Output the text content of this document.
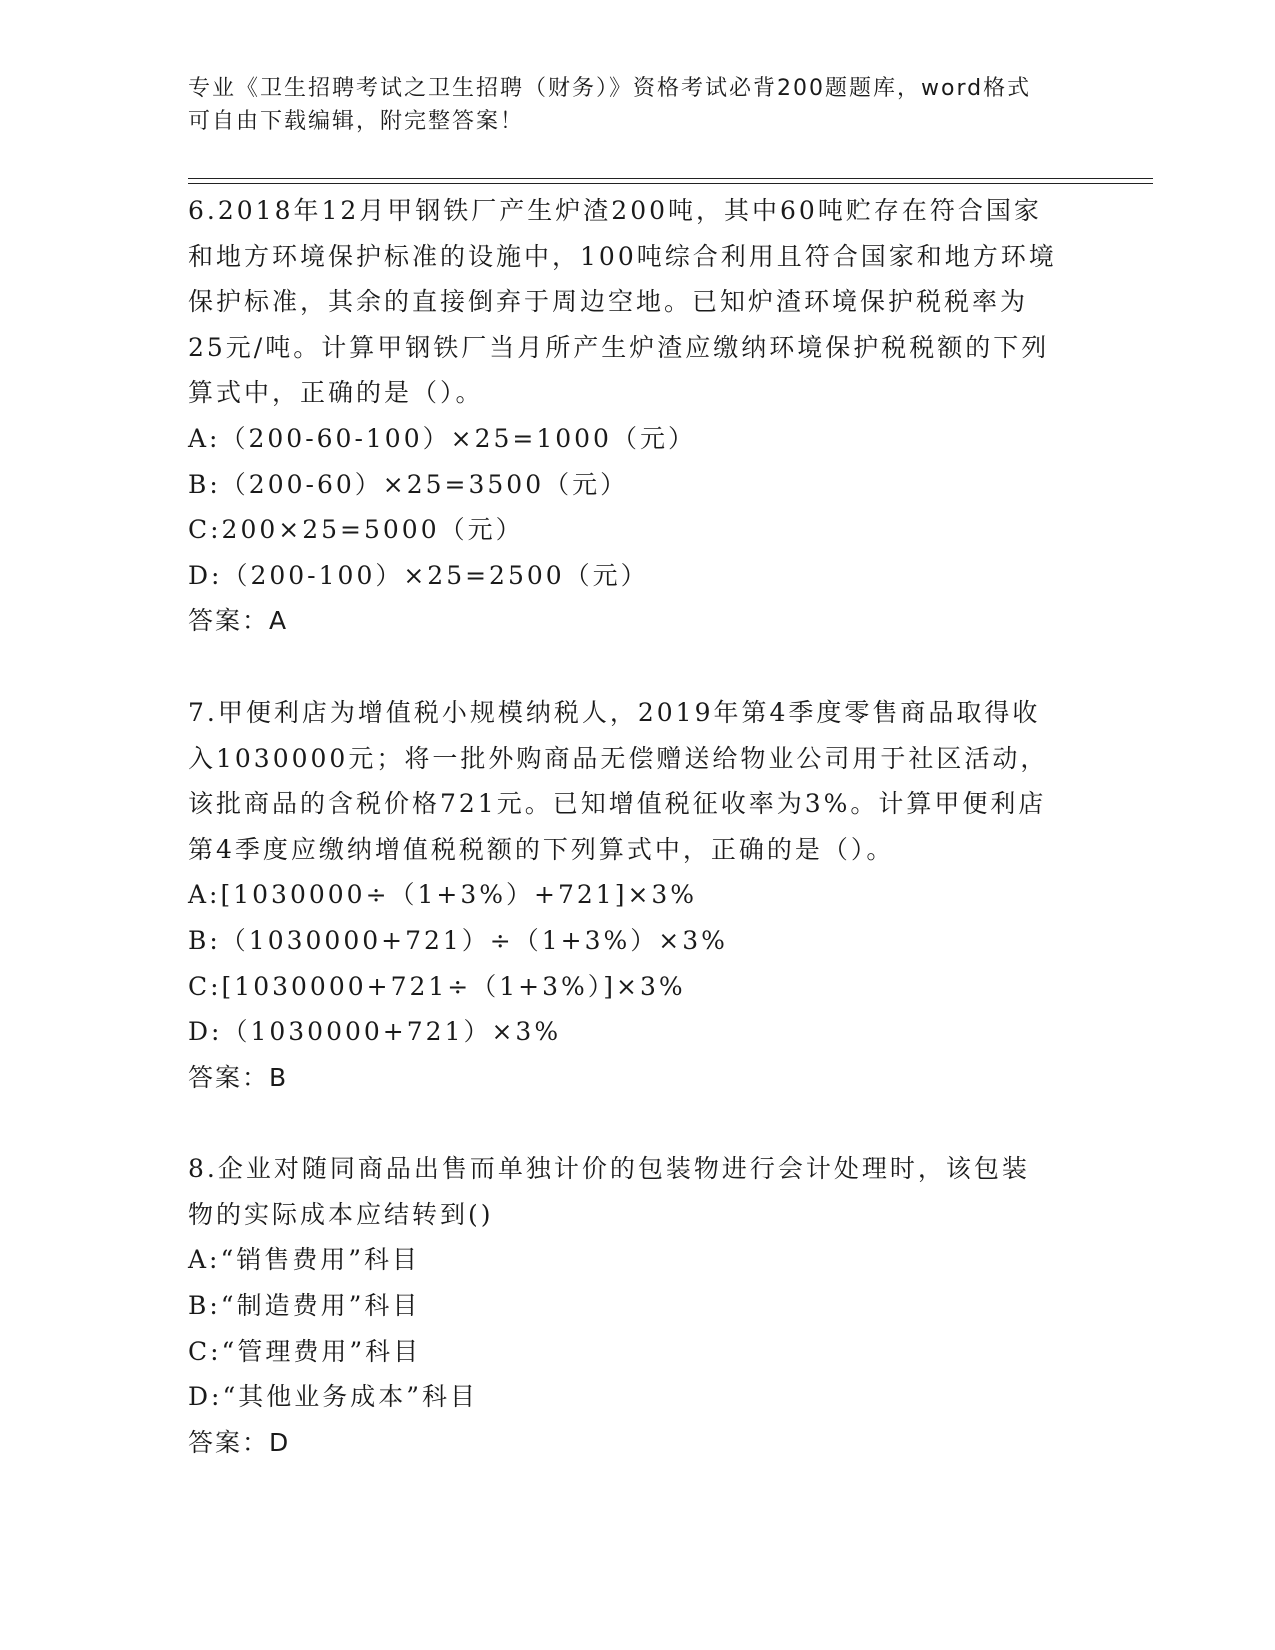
专业《卫生招聘考试之卫生招聘（财务）》资格考试必背200题题库，word格式
可自由下载编辑，附完整答案！
6.2018年12月甲钢铁厂产生炉渣200吨，其中60吨贮存在符合国家
和地方环境保护标准的设施中，100吨综合利用且符合国家和地方环境
保护标准，其余的直接倒弃于周边空地。已知炉渣环境保护税税率为
25元/吨。计算甲钢铁厂当月所产生炉渣应缴纳环境保护税税额的下列
算式中，正确的是（）。
A:（200-60-100）×25=1000（元）
B:（200-60）×25=3500（元）
C:200×25=5000（元）
D:（200-100）×25=2500（元）
答案：A
7.甲便利店为增值税小规模纳税人，2019年第4季度零售商品取得收
入1030000元；将一批外购商品无偿赠送给物业公司用于社区活动，
该批商品的含税价格721元。已知增值税征收率为3%。计算甲便利店
第4季度应缴纳增值税税额的下列算式中，正确的是（）。
A:[1030000÷（1+3%）+721]×3%
B:（1030000+721）÷（1+3%）×3%
C:[1030000+721÷（1+3%）]×3%
D:（1030000+721）×3%
答案：B
8.企业对随同商品出售而单独计价的包装物进行会计处理时，该包装
物的实际成本应结转到()
A:“销售费用”科目
B:“制造费用”科目
C:“管理费用”科目
D:“其他业务成本”科目
答案：D
